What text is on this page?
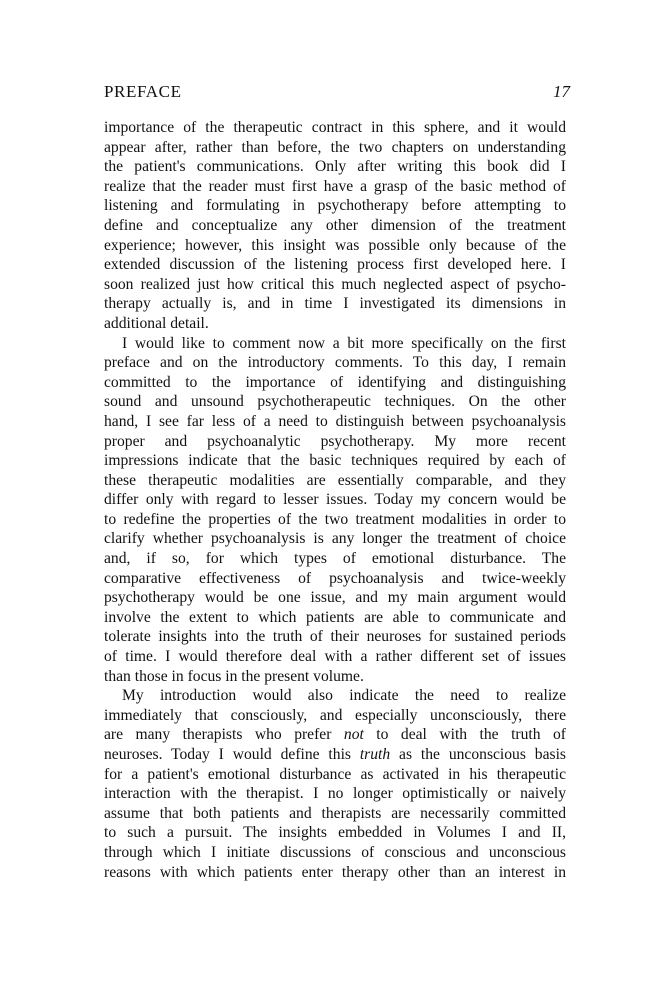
PREFACE	17
importance of the therapeutic contract in this sphere, and it would
appear after, rather than before, the two chapters on understanding
the patient's communications. Only after writing this book did I
realize that the reader must first have a grasp of the basic method of
listening and formulating in psychotherapy before attempting to
define and conceptualize any other dimension of the treatment
experience; however, this insight was possible only because of the
extended discussion of the listening process first developed here. I
soon realized just how critical this much neglected aspect of psycho-
therapy actually is, and in time I investigated its dimensions in
additional detail.
I would like to comment now a bit more specifically on the first
preface and on the introductory comments. To this day, I remain
committed to the importance of identifying and distinguishing
sound and unsound psychotherapeutic techniques. On the other
hand, I see far less of a need to distinguish between psychoanalysis
proper and psychoanalytic psychotherapy. My more recent
impressions indicate that the basic techniques required by each of
these therapeutic modalities are essentially comparable, and they
differ only with regard to lesser issues. Today my concern would be
to redefine the properties of the two treatment modalities in order to
clarify whether psychoanalysis is any longer the treatment of choice
and, if so, for which types of emotional disturbance. The
comparative effectiveness of psychoanalysis and twice-weekly
psychotherapy would be one issue, and my main argument would
involve the extent to which patients are able to communicate and
tolerate insights into the truth of their neuroses for sustained periods
of time. I would therefore deal with a rather different set of issues
than those in focus in the present volume.
My introduction would also indicate the need to realize
immediately that consciously, and especially unconsciously, there
are many therapists who prefer not to deal with the truth of
neuroses. Today I would define this truth as the unconscious basis
for a patient's emotional disturbance as activated in his therapeutic
interaction with the therapist. I no longer optimistically or naively
assume that both patients and therapists are necessarily committed
to such a pursuit. The insights embedded in Volumes I and II,
through which I initiate discussions of conscious and unconscious
reasons with which patients enter therapy other than an interest in
